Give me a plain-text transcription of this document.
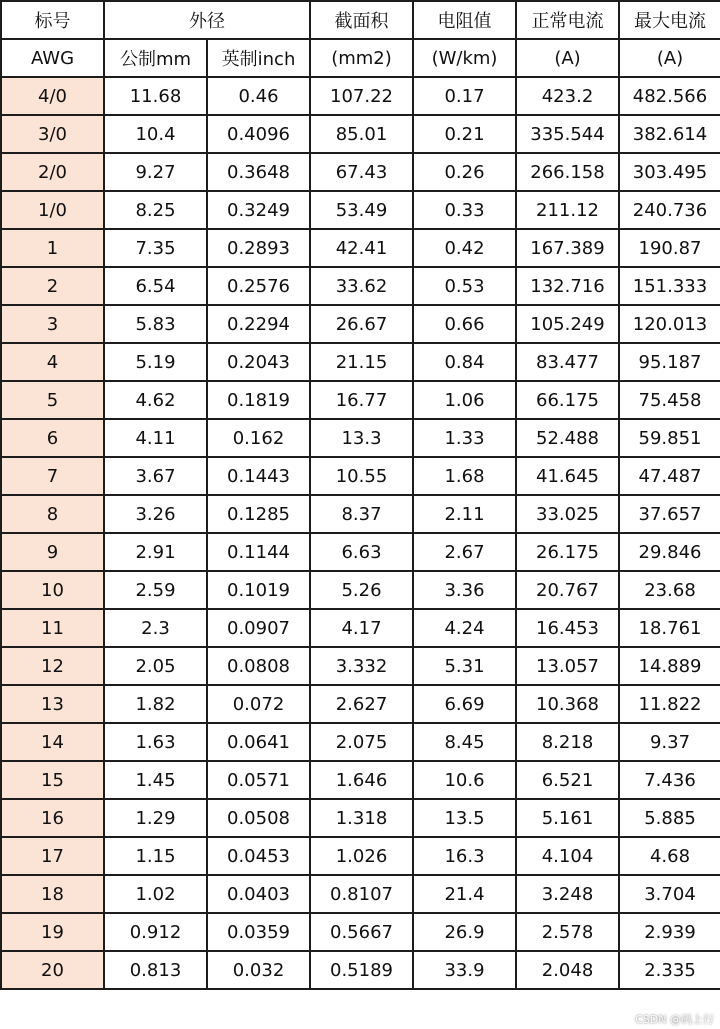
标号	外径		截面积	电阻值	正常电流	最大电流
AWG	公制mm	英制inch	(mm2)	(W/km)	(A)	(A)
4/0	11.68	0.46	107.22	0.17	423.2	482.566
3/0	10.4	0.4096	85.01	0.21	335.544	382.614
2/0	9.27	0.3648	67.43	0.26	266.158	303.495
1/0	8.25	0.3249	53.49	0.33	211.12	240.736
1	7.35	0.2893	42.41	0.42	167.389	190.87
2	6.54	0.2576	33.62	0.53	132.716	151.333
3	5.83	0.2294	26.67	0.66	105.249	120.013
4	5.19	0.2043	21.15	0.84	83.477	95.187
5	4.62	0.1819	16.77	1.06	66.175	75.458
6	4.11	0.162	13.3	1.33	52.488	59.851
7	3.67	0.1443	10.55	1.68	41.645	47.487
8	3.26	0.1285	8.37	2.11	33.025	37.657
9	2.91	0.1144	6.63	2.67	26.175	29.846
10	2.59	0.1019	5.26	3.36	20.767	23.68
11	2.3	0.0907	4.17	4.24	16.453	18.761
12	2.05	0.0808	3.332	5.31	13.057	14.889
13	1.82	0.072	2.627	6.69	10.368	11.822
14	1.63	0.0641	2.075	8.45	8.218	9.37
15	1.45	0.0571	1.646	10.6	6.521	7.436
16	1.29	0.0508	1.318	13.5	5.161	5.885
17	1.15	0.0453	1.026	16.3	4.104	4.68
18	1.02	0.0403	0.8107	21.4	3.248	3.704
19	0.912	0.0359	0.5667	26.9	2.578	2.939
20	0.813	0.032	0.5189	33.9	2.048	2.335
CSDN @码上行
